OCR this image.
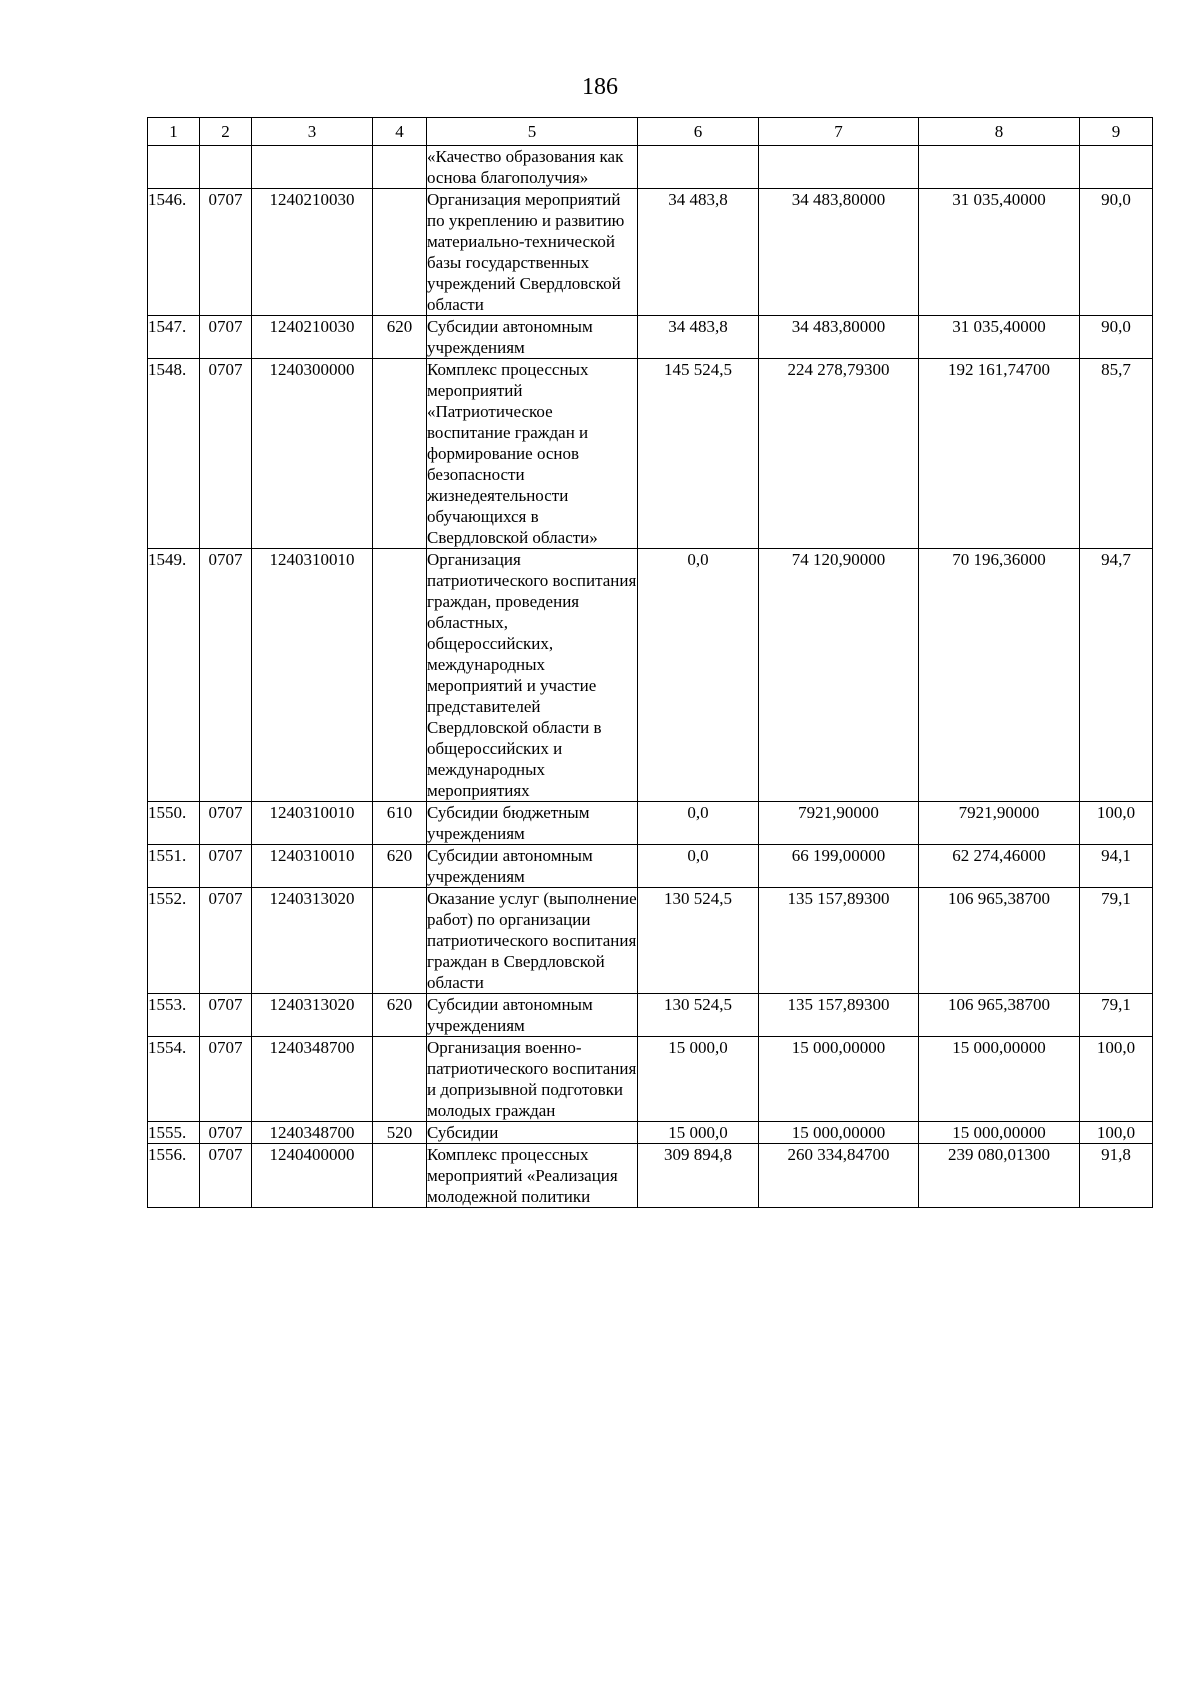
186
1	2	3	4	5	6	7	8	9
				«Качество образования как основа благополучия»				
1546.	0707	1240210030		Организация мероприятий по укреплению и развитию материально-технической базы государственных учреждений Свердловской области	34 483,8	34 483,80000	31 035,40000	90,0
1547.	0707	1240210030	620	Субсидии автономным учреждениям	34 483,8	34 483,80000	31 035,40000	90,0
1548.	0707	1240300000		Комплекс процессных мероприятий «Патриотическое воспитание граждан и формирование основ безопасности жизнедеятельности обучающихся в Свердловской области»	145 524,5	224 278,79300	192 161,74700	85,7
1549.	0707	1240310010		Организация патриотического воспитания граждан, проведения областных, общероссийских, международных мероприятий и участие представителей Свердловской области в общероссийских и международных мероприятиях	0,0	74 120,90000	70 196,36000	94,7
1550.	0707	1240310010	610	Субсидии бюджетным учреждениям	0,0	7921,90000	7921,90000	100,0
1551.	0707	1240310010	620	Субсидии автономным учреждениям	0,0	66 199,00000	62 274,46000	94,1
1552.	0707	1240313020		Оказание услуг (выполнение работ) по организации патриотического воспитания граждан в Свердловской области	130 524,5	135 157,89300	106 965,38700	79,1
1553.	0707	1240313020	620	Субсидии автономным учреждениям	130 524,5	135 157,89300	106 965,38700	79,1
1554.	0707	1240348700		Организация военно-патриотического воспитания и допризывной подготовки молодых граждан	15 000,0	15 000,00000	15 000,00000	100,0
1555.	0707	1240348700	520	Субсидии	15 000,0	15 000,00000	15 000,00000	100,0
1556.	0707	1240400000		Комплекс процессных мероприятий «Реализация молодежной политики	309 894,8	260 334,84700	239 080,01300	91,8
